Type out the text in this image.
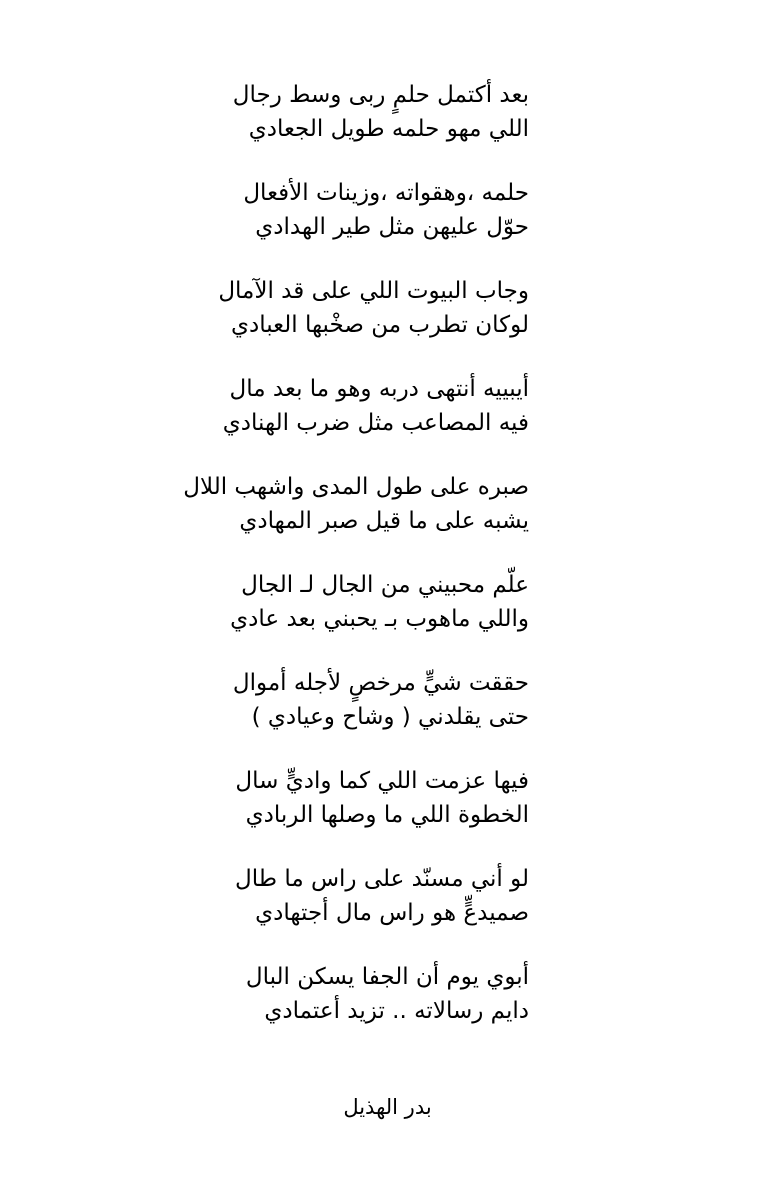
بعد أكتمل حلمٍ ربى وسط رجال
اللي مهو حلمه طويل الجعادي
حلمه ،وهقواته ،وزينات الأفعال
حوّل عليهن مثل طير الهدادي
وجاب البيوت اللي على قد الآمال
لوكان تطرب من صخْبها العبادي
أيبييه أنتهى دربه وهو ما بعد مال
فيه المصاعب مثل ضرب الهنادي
صبره على طول المدى واشهب اللال
يشبه على ما قيل صبر المهادي
علّم محبيني من الجال لـ الجال
واللي ماهوب بـ يحبني بعد عادي
حققت شيٍّ مرخصٍ لأجله أموال
حتى يقلدني ( وشاح وعيادي )
فيها عزمت اللي كما واديٍّ سال
الخطوة اللي ما وصلها الربادي
لو أني مسنّد على راس ما طال
صميدعٍّ هو راس مال أجتهادي
أبوي يوم أن الجفا يسكن البال
دايم رسالاته .. تزيد أعتمادي
بدر الهذيل
